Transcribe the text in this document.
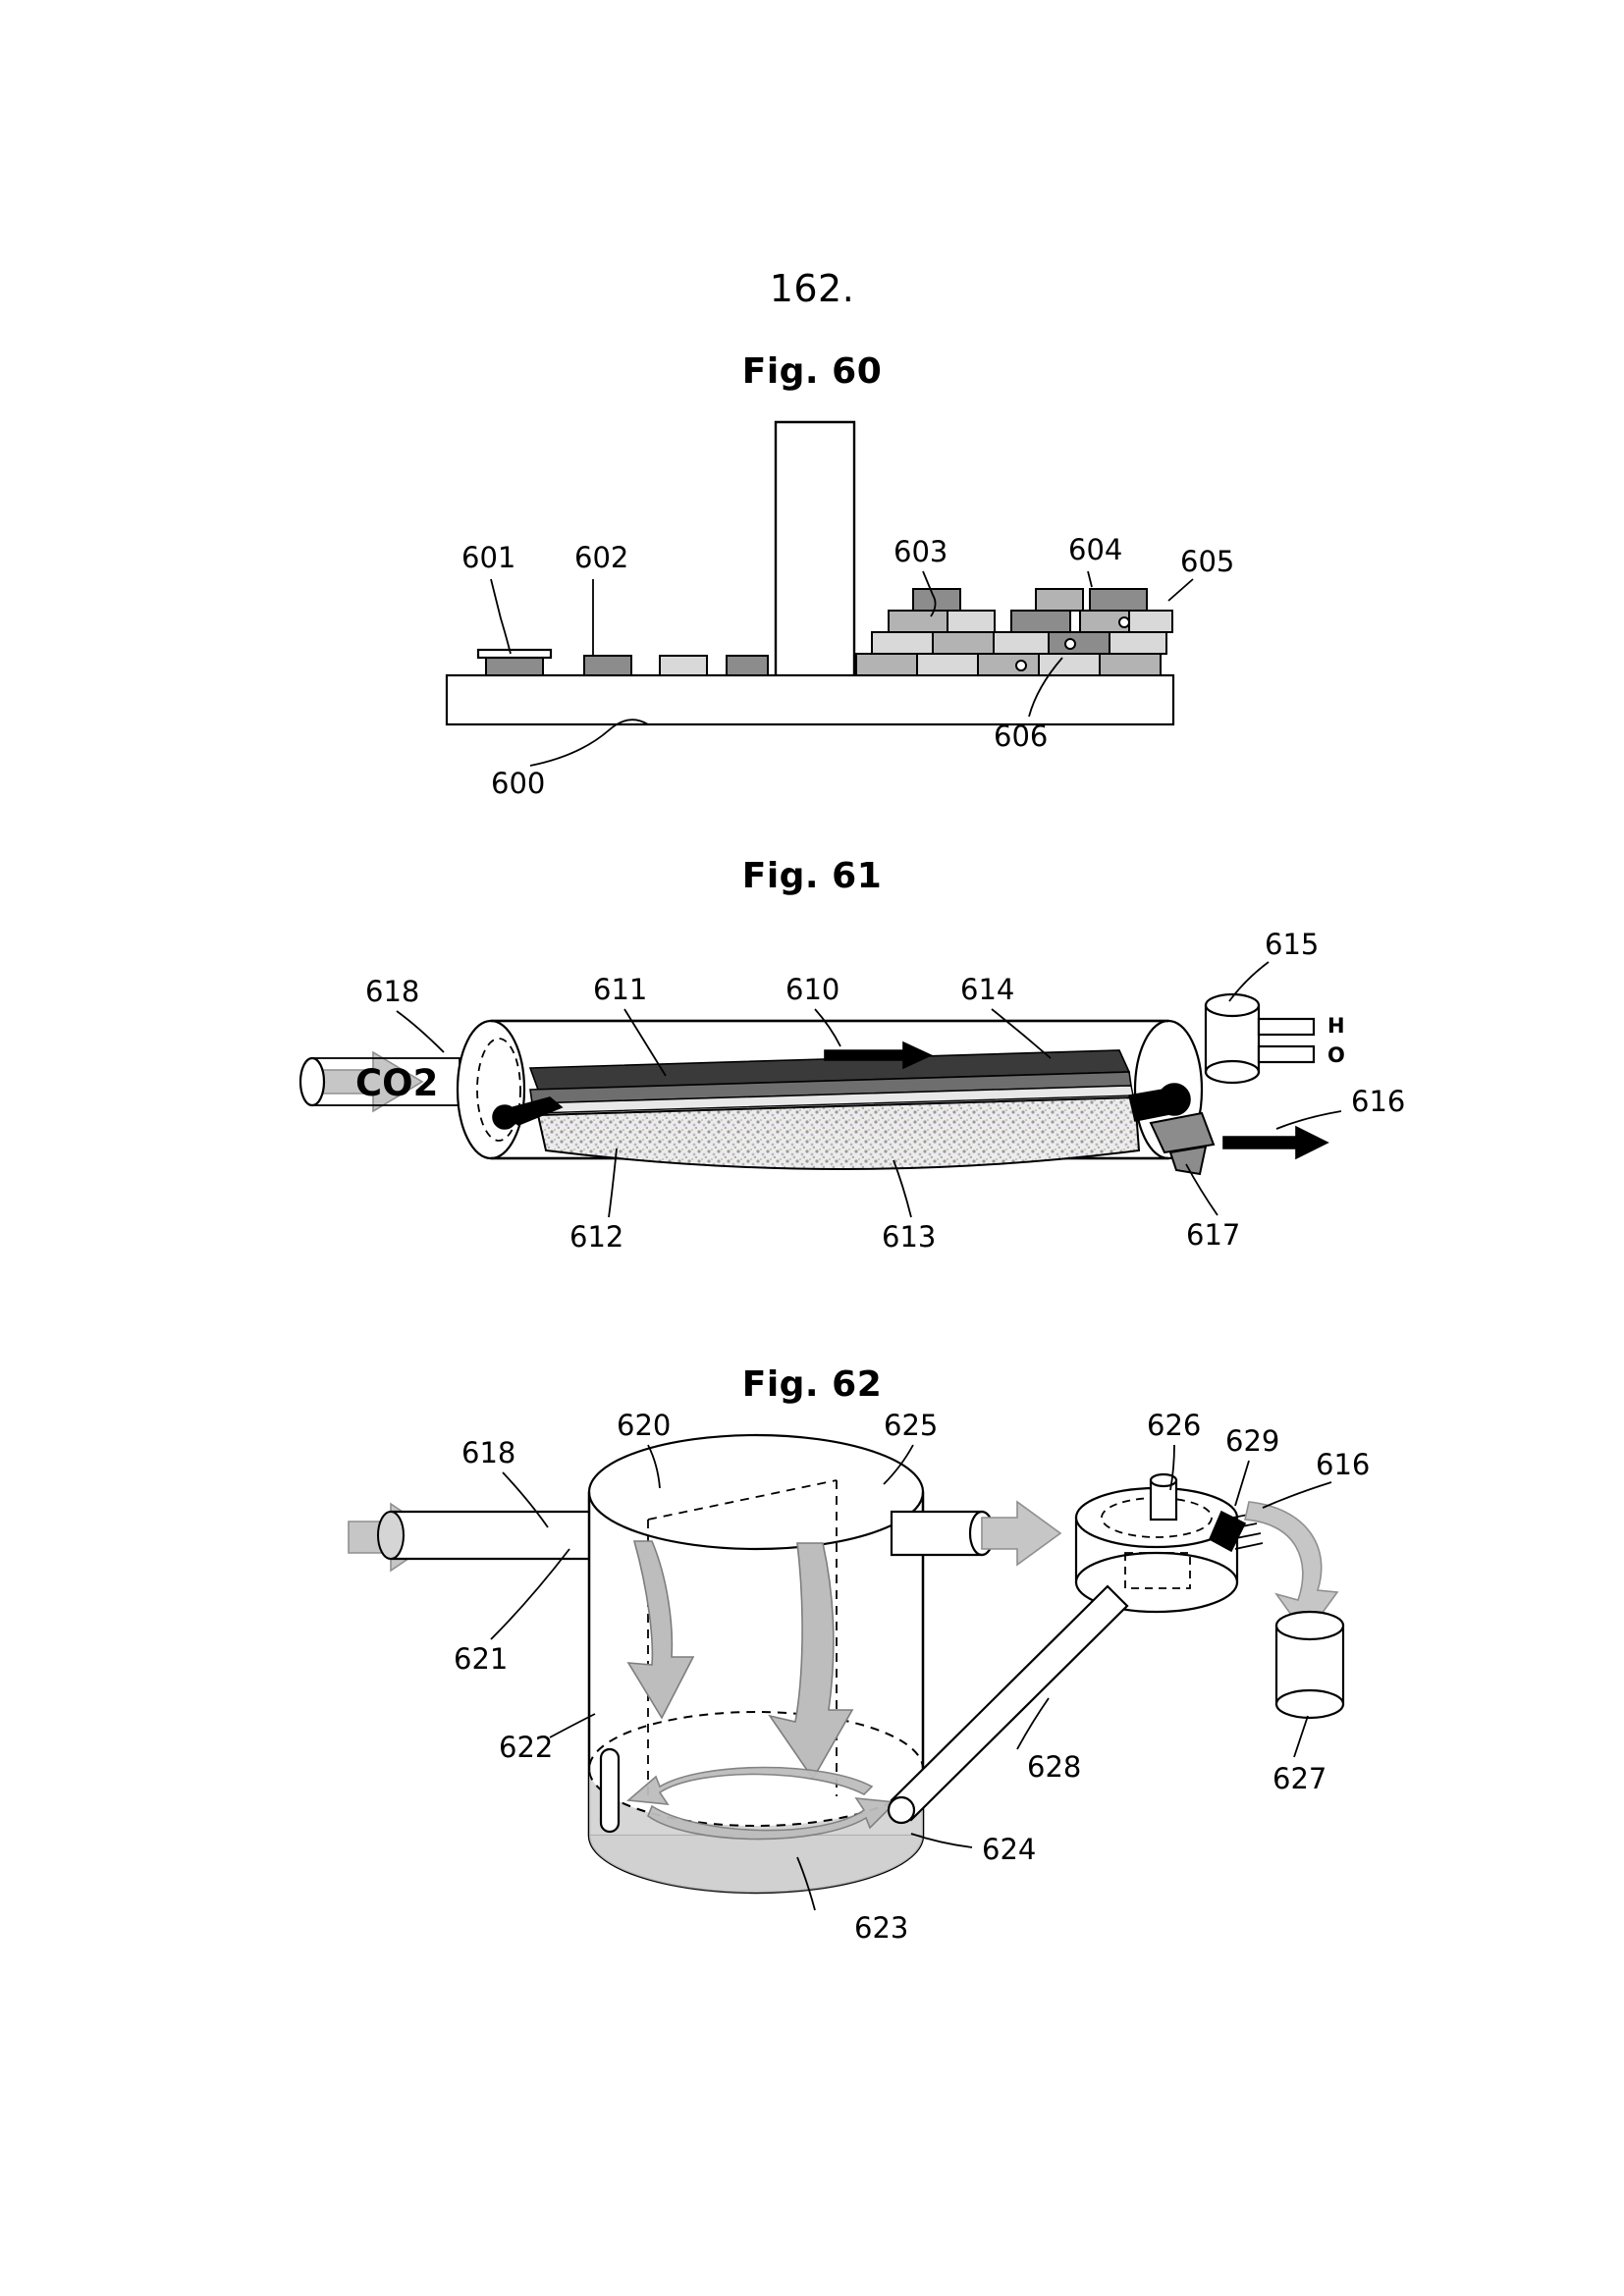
162.
Fig. 60
601 602	603	604 605
606
600
Fig. 61
CO2
H
O
618	611	610	614
615
612	613	617
616
Fig. 62
618
620	625	626 629
616
621
622
623
624
628	627
